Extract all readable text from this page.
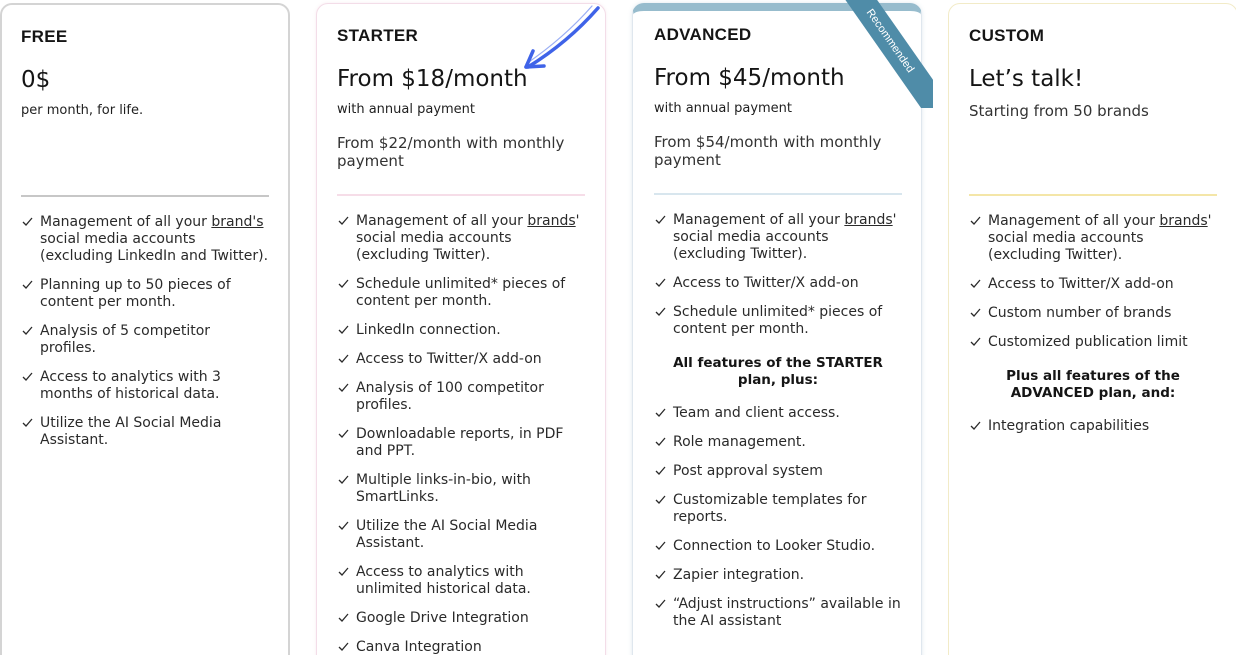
FREE
0$
per month, for life.
Management of all your brand's social media accounts (excluding LinkedIn and Twitter).
Planning up to 50 pieces of content per month.
Analysis of 5 competitor profiles.
Access to analytics with 3 months of historical data.
Utilize the AI Social Media Assistant.
STARTER
From $18/month
with annual payment
From $22/month with monthly payment
Management of all your brands' social media accounts (excluding Twitter).
Schedule unlimited* pieces of content per month.
LinkedIn connection.
Access to Twitter/X add-on
Analysis of 100 competitor profiles.
Downloadable reports, in PDF and PPT.
Multiple links-in-bio, with SmartLinks.
Utilize the AI Social Media Assistant.
Access to analytics with unlimited historical data.
Google Drive Integration
Canva Integration
ADVANCED
From $45/month
with annual payment
From $54/month with monthly payment
Management of all your brands' social media accounts (excluding Twitter).
Access to Twitter/X add-on
Schedule unlimited* pieces of content per month.
All features of the STARTER plan, plus:
Team and client access.
Role management.
Post approval system
Customizable templates for reports.
Connection to Looker Studio.
Zapier integration.
“Adjust instructions” available in the AI assistant
CUSTOM
Let’s talk!
Starting from 50 brands
Management of all your brands' social media accounts (excluding Twitter).
Access to Twitter/X add-on
Custom number of brands
Customized publication limit
Plus all features of the ADVANCED plan, and:
Integration capabilities
Recommended
